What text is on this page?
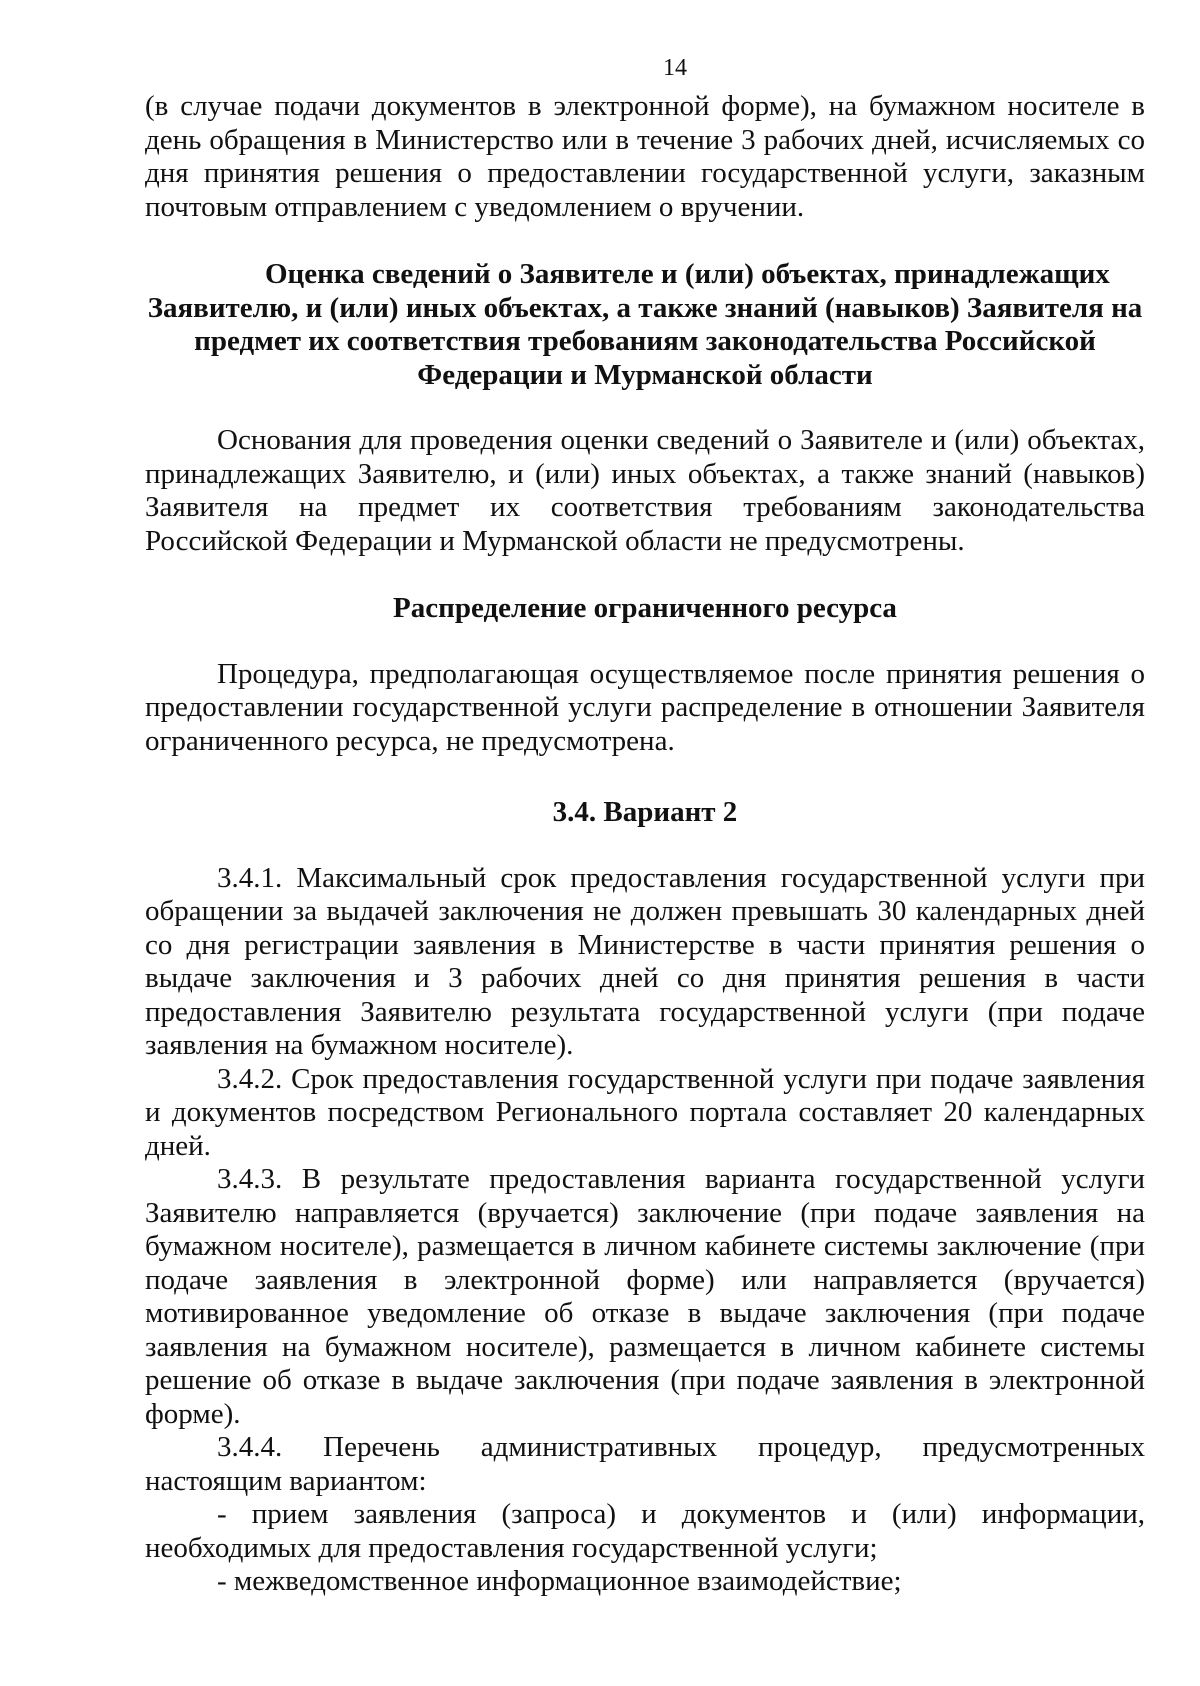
14

(в случае подачи документов в электронной форме), на бумажном носителе в день обращения в Министерство или в течение 3 рабочих дней, исчисляемых со дня принятия решения о предоставлении государственной услуги, заказным почтовым отправлением с уведомлением о вручении.

Оценка сведений о Заявителе и (или) объектах, принадлежащих
Заявителю, и (или) иных объектах, а также знаний (навыков) Заявителя на предмет их соответствия требованиям законодательства Российской Федерации и Мурманской области

Основания для проведения оценки сведений о Заявителе и (или) объектах, принадлежащих Заявителю, и (или) иных объектах, а также знаний (навыков) Заявителя на предмет их соответствия требованиям законодательства Российской Федерации и Мурманской области не предусмотрены.

Распределение ограниченного ресурса

Процедура, предполагающая осуществляемое после принятия решения о предоставлении государственной услуги распределение в отношении Заявителя ограниченного ресурса, не предусмотрена.

3.4. Вариант 2

3.4.1. Максимальный срок предоставления государственной услуги при обращении за выдачей заключения не должен превышать 30 календарных дней со дня регистрации заявления в Министерстве в части принятия решения о выдаче заключения и 3 рабочих дней со дня принятия решения в части предоставления Заявителю результата государственной услуги (при подаче заявления на бумажном носителе).

3.4.2. Срок предоставления государственной услуги при подаче заявления и документов посредством Регионального портала составляет 20 календарных дней.

3.4.3. В результате предоставления варианта государственной услуги Заявителю направляется (вручается) заключение (при подаче заявления на бумажном носителе), размещается в личном кабинете системы заключение (при подаче заявления в электронной форме) или направляется (вручается) мотивированное уведомление об отказе в выдаче заключения (при подаче заявления на бумажном носителе), размещается в личном кабинете системы решение об отказе в выдаче заключения (при подаче заявления в электронной форме).

3.4.4. Перечень административных процедур, предусмотренных настоящим вариантом:

- прием заявления (запроса) и документов и (или) информации, необходимых для предоставления государственной услуги;

- межведомственное информационное взаимодействие;
